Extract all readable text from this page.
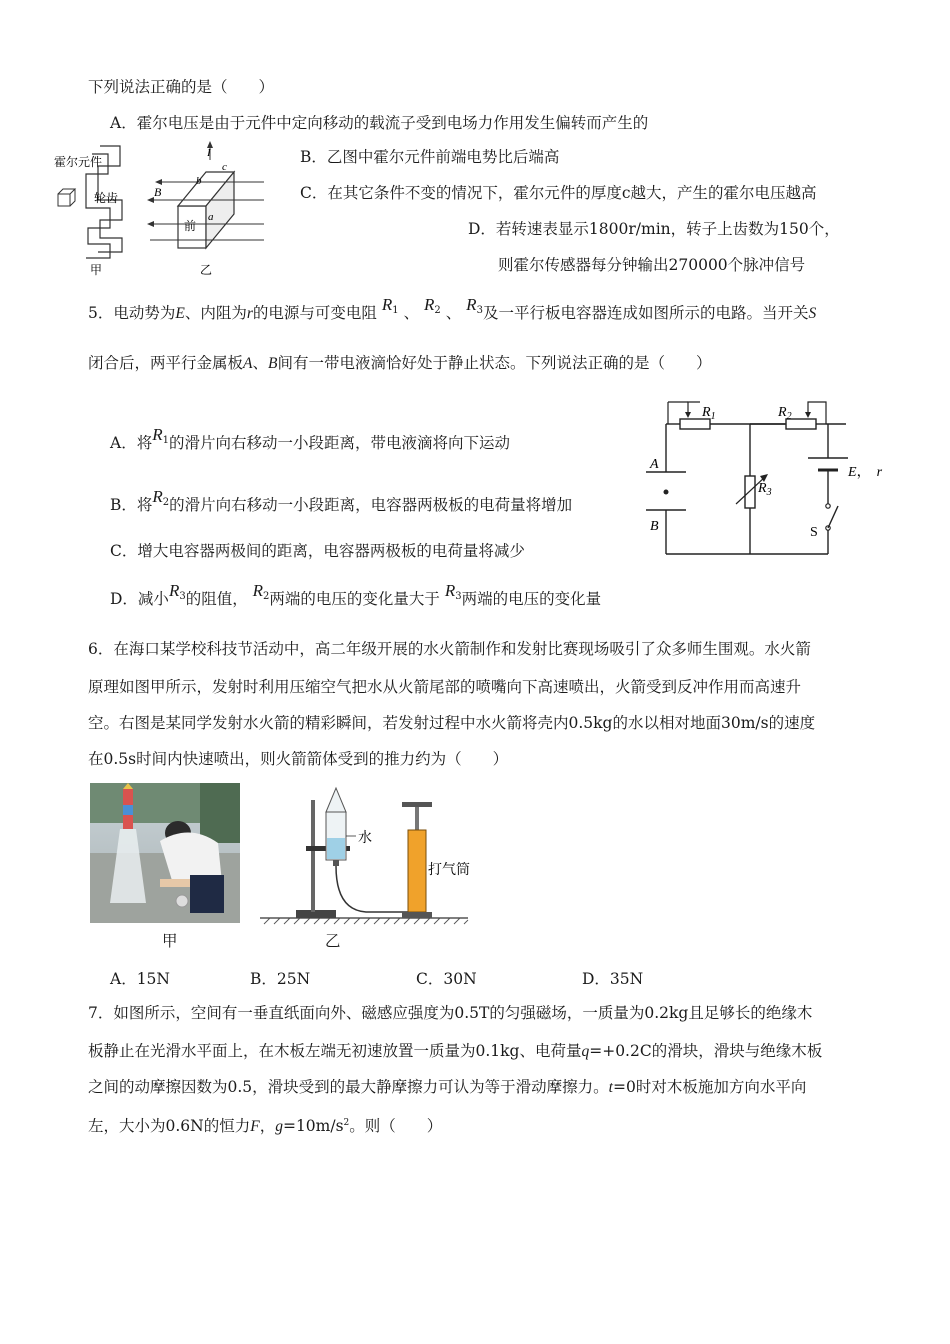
下列说法正确的是（　　）
A．霍尔电压是由于元件中定向移动的载流子受到电场力作用发生偏转而产生的
B．乙图中霍尔元件前端电势比后端高
C．在其它条件不变的情况下，霍尔元件的厚度c越大，产生的霍尔电压越高
D．若转速表显示1800r/min，转子上齿数为150个，
则霍尔传感器每分钟输出270000个脉冲信号
霍尔元件
轮齿
甲
I
B
c
b
a
前
乙
5．电动势为E、内阻为r的电源与可变电阻 $R^1$ 、 $R^2$ 、 $R^3$及一平行板电容器连成如图所示的电路。当开关S
闭合后，两平行金属板A、B间有一带电液滴恰好处于静止状态。下列说法正确的是（　　）
A．将$R^1$的滑片向右移动一小段距离，带电液滴将向下运动
B．将$R^2$的滑片向右移动一小段距离，电容器两极板的电荷量将增加
C．增大电容器两极间的距离，电容器两极板的电荷量将减少
D．减小$R^3$的阻值， $R^2$两端的电压的变化量大于 $R^3$两端的电压的变化量
$R_1$	$R_2$
$R_3$
A
B
E， r
S
6．在海口某学校科技节活动中，高二年级开展的水火箭制作和发射比赛现场吸引了众多师生围观。水火箭
原理如图甲所示，发射时利用压缩空气把水从火箭尾部的喷嘴向下高速喷出，火箭受到反冲作用而高速升
空。右图是某同学发射水火箭的精彩瞬间，若发射过程中水火箭将壳内0.5kg的水以相对地面30m/s的速度
在0.5s时间内快速喷出，则火箭箭体受到的推力约为（　　）
甲
水
打气筒
乙
A．15N	B．25N	C．30N	D．35N
7．如图所示，空间有一垂直纸面向外、磁感应强度为0.5T的匀强磁场，一质量为0.2kg且足够长的绝缘木
板静止在光滑水平面上，在木板左端无初速放置一质量为0.1kg、电荷量q=+0.2C的滑块，滑块与绝缘木板
之间的动摩擦因数为0.5，滑块受到的最大静摩擦力可认为等于滑动摩擦力。t=0时对木板施加方向水平向
左，大小为0.6N的恒力F，$g=10m/s^2$。则（　　）
